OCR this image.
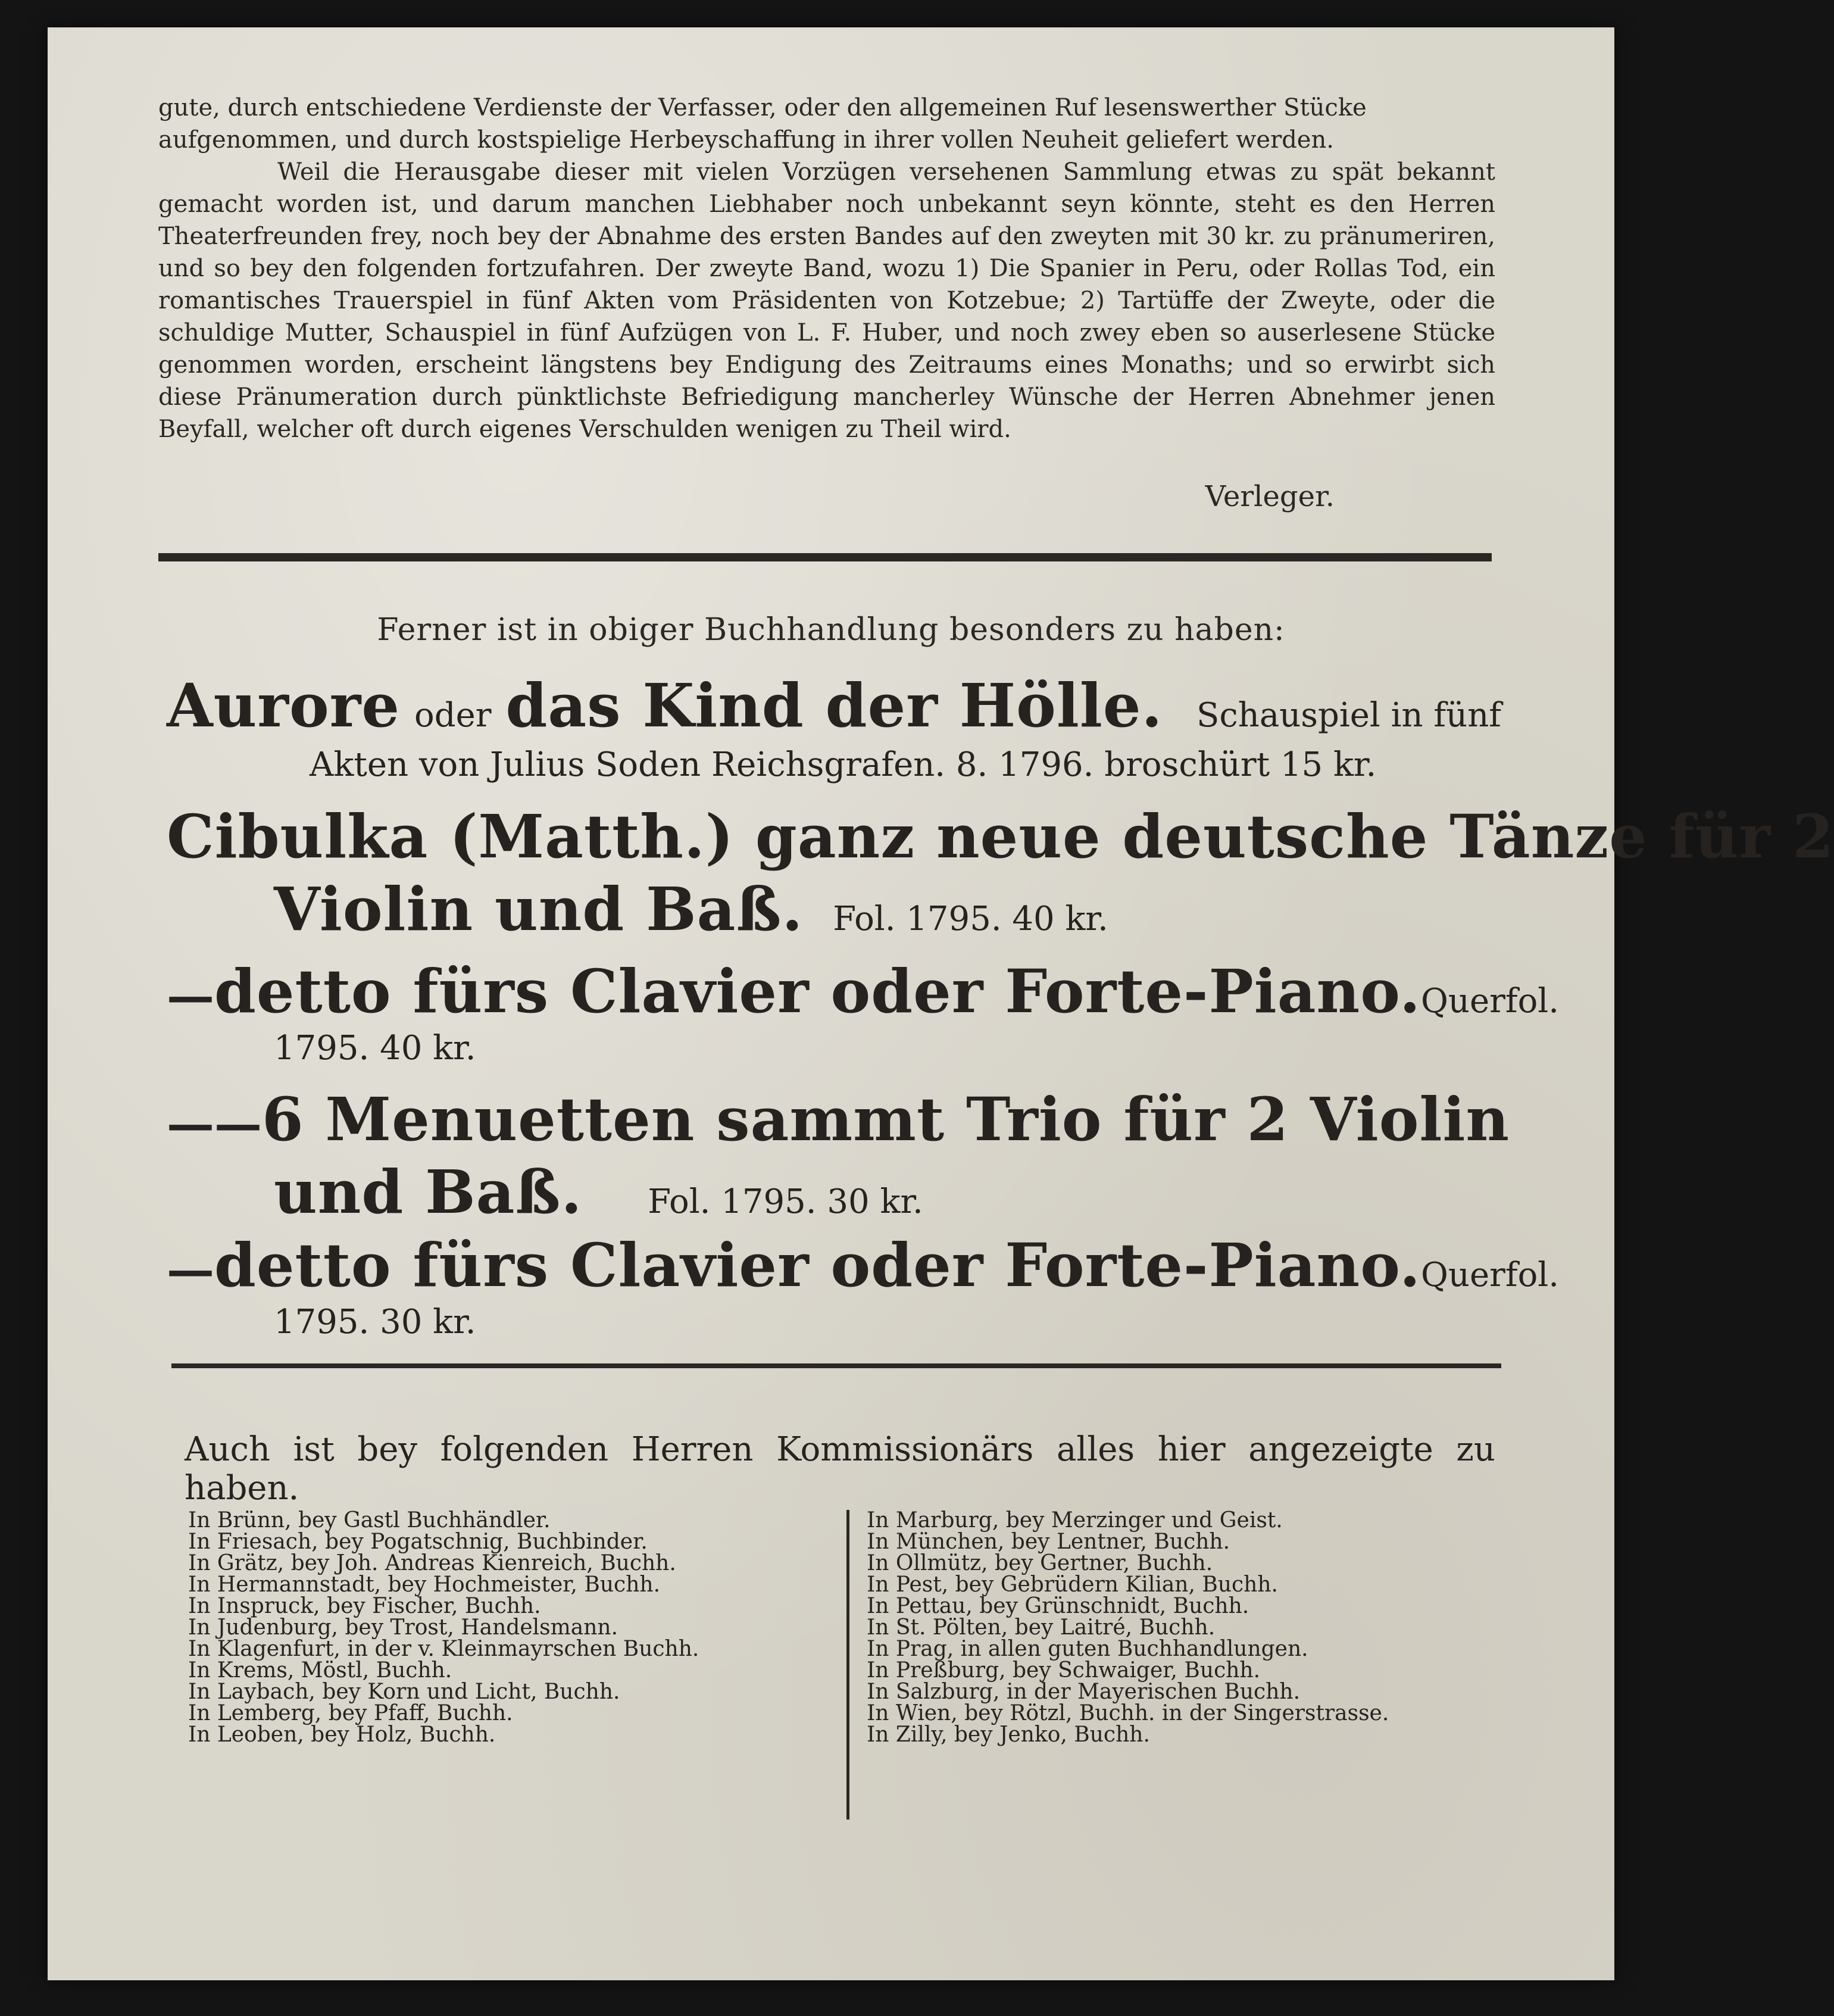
gute, durch entschiedene Verdienste der Verfasser, oder den allgemeinen Ruf lesenswerther Stücke

aufgenommen, und durch kostspielige Herbeyschaffung in ihrer vollen Neuheit geliefert werden.

Weil die Herausgabe dieser mit vielen Vorzügen versehenen Sammlung etwas zu spät bekannt gemacht worden ist, und darum manchen Liebhaber noch unbekannt seyn könnte, steht es den Herren Theaterfreunden frey, noch bey der Abnahme des ersten Bandes auf den zweyten mit 30 kr. zu pränumeriren, und so bey den folgenden fortzufahren. Der zweyte Band, wozu 1) Die Spanier in Peru, oder Rollas Tod, ein romantisches Trauerspiel in fünf Akten vom Präsidenten von Kotzebue; 2) Tartüffe der Zweyte, oder die schuldige Mutter, Schauspiel in fünf Aufzügen von L. F. Huber, und noch zwey eben so auserlesene Stücke genommen worden, erscheint längstens bey Endigung des Zeitraums eines Monaths; und so erwirbt sich diese Pränumeration durch pünktlichste Befriedigung mancherley Wünsche der Herren Abnehmer jenen Beyfall, welcher oft durch eigenes Verschulden wenigen zu Theil wird.

Verleger.
Ferner ist in obiger Buchhandlung besonders zu haben:
Aurore oder das Kind der Hölle. Schauspiel in fünf
Akten von Julius Soden Reichsgrafen. 8. 1796. broschürt 15 kr.
Cibulka (Matth.) ganz neue deutsche Tänze für 2
Violin und Baß. Fol. 1795. 40 kr.
— detto fürs Clavier oder Forte-Piano. Querfol.
1795. 40 kr.
— — 6 Menuetten sammt Trio für 2 Violin
und Baß. Fol. 1795. 30 kr.
— detto fürs Clavier oder Forte-Piano. Querfol.
1795. 30 kr.
Auch ist bey folgenden Herren Kommissionärs alles hier angezeigte zu haben.
In Brünn, bey Gastl Buchhändler.
In Friesach, bey Pogatschnig, Buchbinder.
In Grätz, bey Joh. Andreas Kienreich, Buchh.
In Hermannstadt, bey Hochmeister, Buchh.
In Inspruck, bey Fischer, Buchh.
In Judenburg, bey Trost, Handelsmann.
In Klagenfurt, in der v. Kleinmayrschen Buchh.
In Krems, Möstl, Buchh.
In Laybach, bey Korn und Licht, Buchh.
In Lemberg, bey Pfaff, Buchh.
In Leoben, bey Holz, Buchh.
In Marburg, bey Merzinger und Geist.
In München, bey Lentner, Buchh.
In Ollmütz, bey Gertner, Buchh.
In Pest, bey Gebrüdern Kilian, Buchh.
In Pettau, bey Grünschnidt, Buchh.
In St. Pölten, bey Laitré, Buchh.
In Prag, in allen guten Buchhandlungen.
In Preßburg, bey Schwaiger, Buchh.
In Salzburg, in der Mayerischen Buchh.
In Wien, bey Rötzl, Buchh. in der Singerstrasse.
In Zilly, bey Jenko, Buchh.
